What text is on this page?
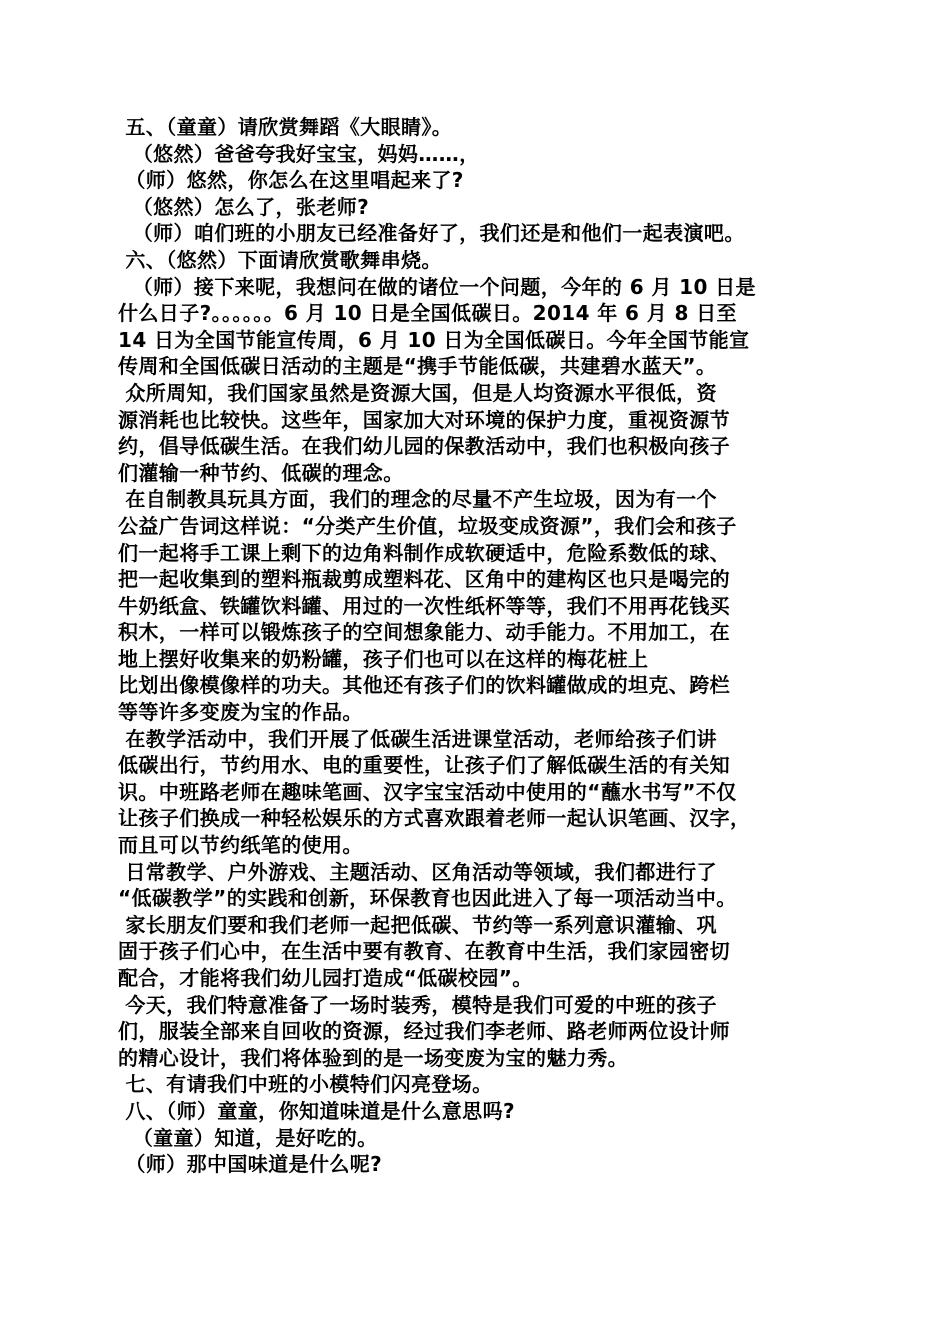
五、（童童）请欣赏舞蹈《大眼睛》。
（悠然）爸爸夸我好宝宝，妈妈……，
（师）悠然，你怎么在这里唱起来了?
（悠然）怎么了，张老师?
（师）咱们班的小朋友已经准备好了，我们还是和他们一起表演吧。
六、（悠然）下面请欣赏歌舞串烧。
（师）接下来呢，我想问在做的诸位一个问题，今年的 6 月 10 日是
什么日子?。。。。。。6 月 10 日是全国低碳日。2014 年 6 月 8 日至
14 日为全国节能宣传周，6 月 10 日为全国低碳日。今年全国节能宣
传周和全国低碳日活动的主题是“携手节能低碳，共建碧水蓝天”。
众所周知，我们国家虽然是资源大国，但是人均资源水平很低，资
源消耗也比较快。这些年，国家加大对环境的保护力度，重视资源节
约，倡导低碳生活。在我们幼儿园的保教活动中，我们也积极向孩子
们灌输一种节约、低碳的理念。
在自制教具玩具方面，我们的理念的尽量不产生垃圾，因为有一个
公益广告词这样说：“分类产生价值，垃圾变成资源”，我们会和孩子
们一起将手工课上剩下的边角料制作成软硬适中，危险系数低的球、
把一起收集到的塑料瓶裁剪成塑料花、区角中的建构区也只是喝完的
牛奶纸盒、铁罐饮料罐、用过的一次性纸杯等等，我们不用再花钱买
积木，一样可以锻炼孩子的空间想象能力、动手能力。不用加工，在
地上摆好收集来的奶粉罐，孩子们也可以在这样的梅花桩上
比划出像模像样的功夫。其他还有孩子们的饮料罐做成的坦克、跨栏
等等许多变废为宝的作品。
在教学活动中，我们开展了低碳生活进课堂活动，老师给孩子们讲
低碳出行，节约用水、电的重要性，让孩子们了解低碳生活的有关知
识。中班路老师在趣味笔画、汉字宝宝活动中使用的“蘸水书写”不仅
让孩子们换成一种轻松娱乐的方式喜欢跟着老师一起认识笔画、汉字，
而且可以节约纸笔的使用。
日常教学、户外游戏、主题活动、区角活动等领域，我们都进行了
“低碳教学”的实践和创新，环保教育也因此进入了每一项活动当中。
家长朋友们要和我们老师一起把低碳、节约等一系列意识灌输、巩
固于孩子们心中，在生活中要有教育、在教育中生活，我们家园密切
配合，才能将我们幼儿园打造成“低碳校园”。
今天，我们特意准备了一场时装秀，模特是我们可爱的中班的孩子
们，服装全部来自回收的资源，经过我们李老师、路老师两位设计师
的精心设计，我们将体验到的是一场变废为宝的魅力秀。
七、有请我们中班的小模特们闪亮登场。
八、（师）童童，你知道味道是什么意思吗?
（童童）知道，是好吃的。
（师）那中国味道是什么呢?
